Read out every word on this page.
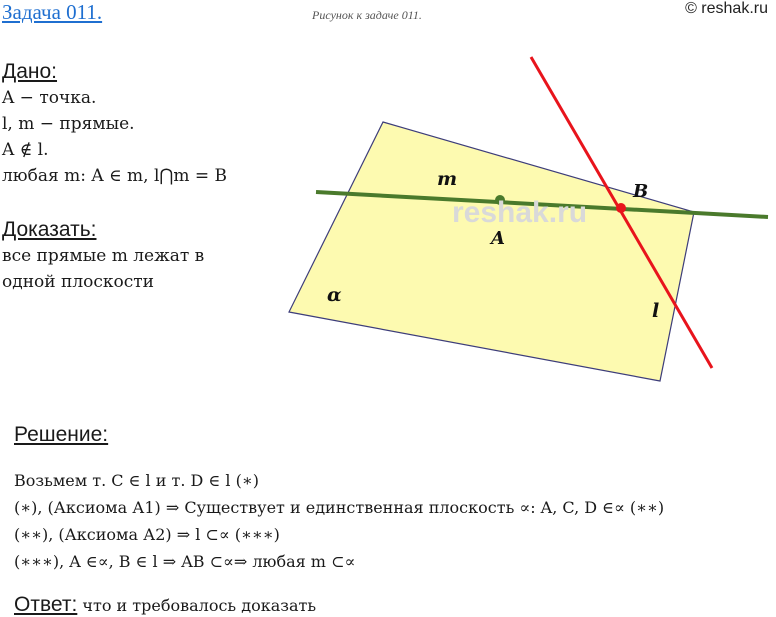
Задача 011.	Рисунок к задаче 011.	© reshak.ru
Дано:
A − точка.
l, m − прямые.
A ∉ l.
любая m: A ∈ m, l⋂m = B
Доказать:
все прямые m лежат в
одной плоскости
reshak.ru
m
A
B
l
α
Решение:
Возьмем т. С ∈ l и т. D ∈ l (∗)
(∗), (Аксиома А1) ⇒ Существует и единственная плоскость ∝: A, C, D ∈∝ (∗∗)
(∗∗), (Аксиома А2) ⇒ l ⊂∝ (∗∗∗)
(∗∗∗), A ∈∝, B ∈ l ⇒ AB ⊂∝⇒ любая m ⊂∝
Ответ: что и требовалось доказать
